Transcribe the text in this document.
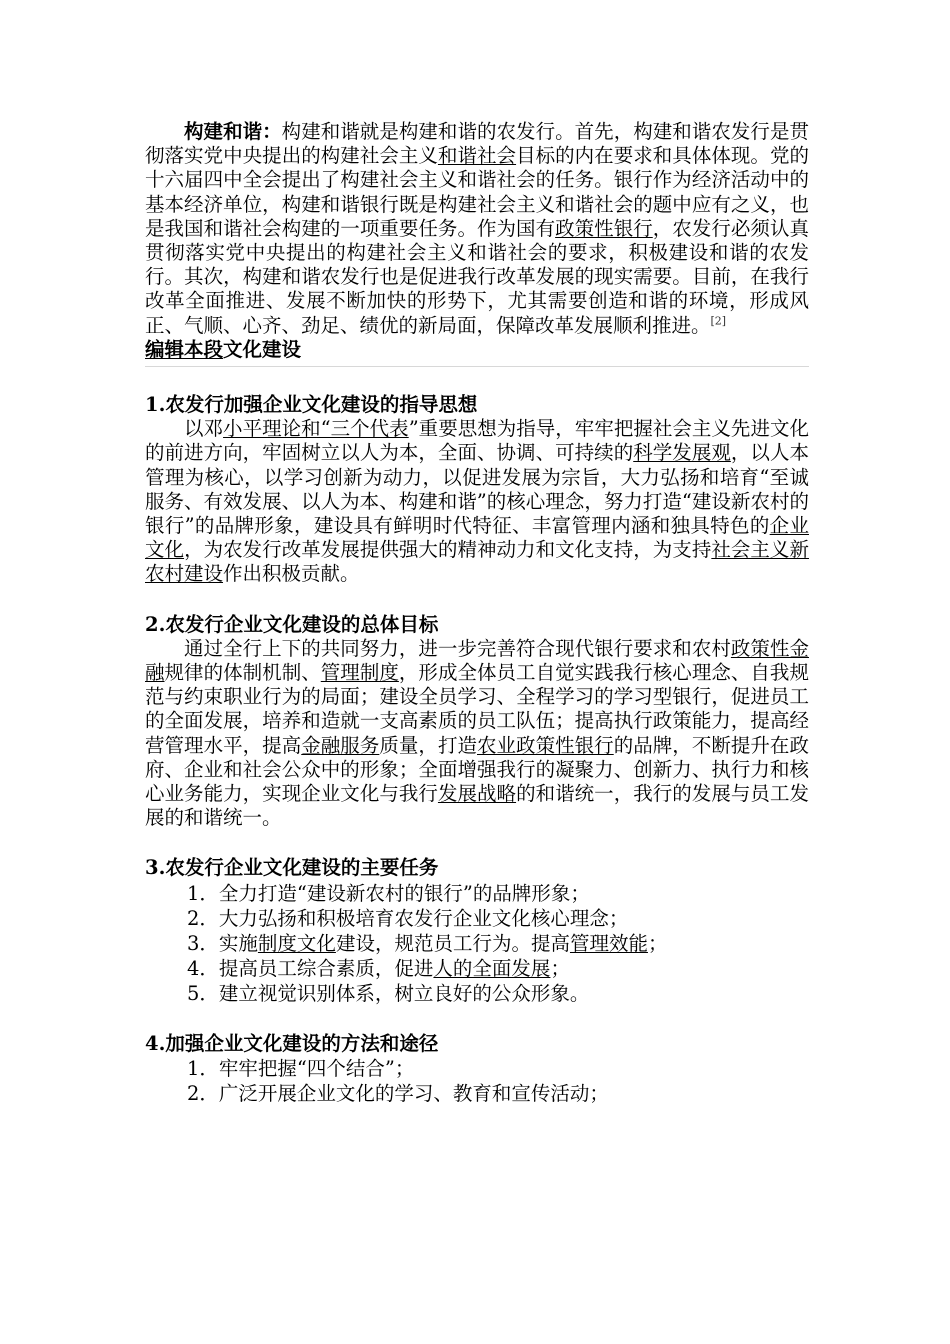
构建和谐：构建和谐就是构建和谐的农发行。首先，构建和谐农发行是贯彻落实党中央提出的构建社会主义和谐社会目标的内在要求和具体体现。党的十六届四中全会提出了构建社会主义和谐社会的任务。银行作为经济活动中的基本经济单位，构建和谐银行既是构建社会主义和谐社会的题中应有之义，也是我国和谐社会构建的一项重要任务。作为国有政策性银行，农发行必须认真贯彻落实党中央提出的构建社会主义和谐社会的要求，积极建设和谐的农发行。其次，构建和谐农发行也是促进我行改革发展的现实需要。目前，在我行改革全面推进、发展不断加快的形势下，尤其需要创造和谐的环境，形成风正、气顺、心齐、劲足、绩优的新局面，保障改革发展顺利推进。[2]

编辑本段文化建设
1.农发行加强企业文化建设的指导思想

以邓小平理论和“三个代表”重要思想为指导，牢牢把握社会主义先进文化的前进方向，牢固树立以人为本，全面、协调、可持续的科学发展观，以人本管理为核心，以学习创新为动力，以促进发展为宗旨，大力弘扬和培育“至诚服务、有效发展、以人为本、构建和谐”的核心理念，努力打造“建设新农村的银行”的品牌形象，建设具有鲜明时代特征、丰富管理内涵和独具特色的企业文化，为农发行改革发展提供强大的精神动力和文化支持，为支持社会主义新农村建设作出积极贡献。

2.农发行企业文化建设的总体目标

通过全行上下的共同努力，进一步完善符合现代银行要求和农村政策性金融规律的体制机制、管理制度，形成全体员工自觉实践我行核心理念、自我规范与约束职业行为的局面；建设全员学习、全程学习的学习型银行，促进员工的全面发展，培养和造就一支高素质的员工队伍；提高执行政策能力，提高经营管理水平，提高金融服务质量，打造农业政策性银行的品牌，不断提升在政府、企业和社会公众中的形象；全面增强我行的凝聚力、创新力、执行力和核心业务能力，实现企业文化与我行发展战略的和谐统一，我行的发展与员工发展的和谐统一。

3.农发行企业文化建设的主要任务
1．全力打造“建设新农村的银行”的品牌形象；
2．大力弘扬和积极培育农发行企业文化核心理念；
3．实施制度文化建设，规范员工行为。提高管理效能；
4．提高员工综合素质，促进人的全面发展；
5．建立视觉识别体系，树立良好的公众形象。
4.加强企业文化建设的方法和途径
1．牢牢把握“四个结合”；
2．广泛开展企业文化的学习、教育和宣传活动；
